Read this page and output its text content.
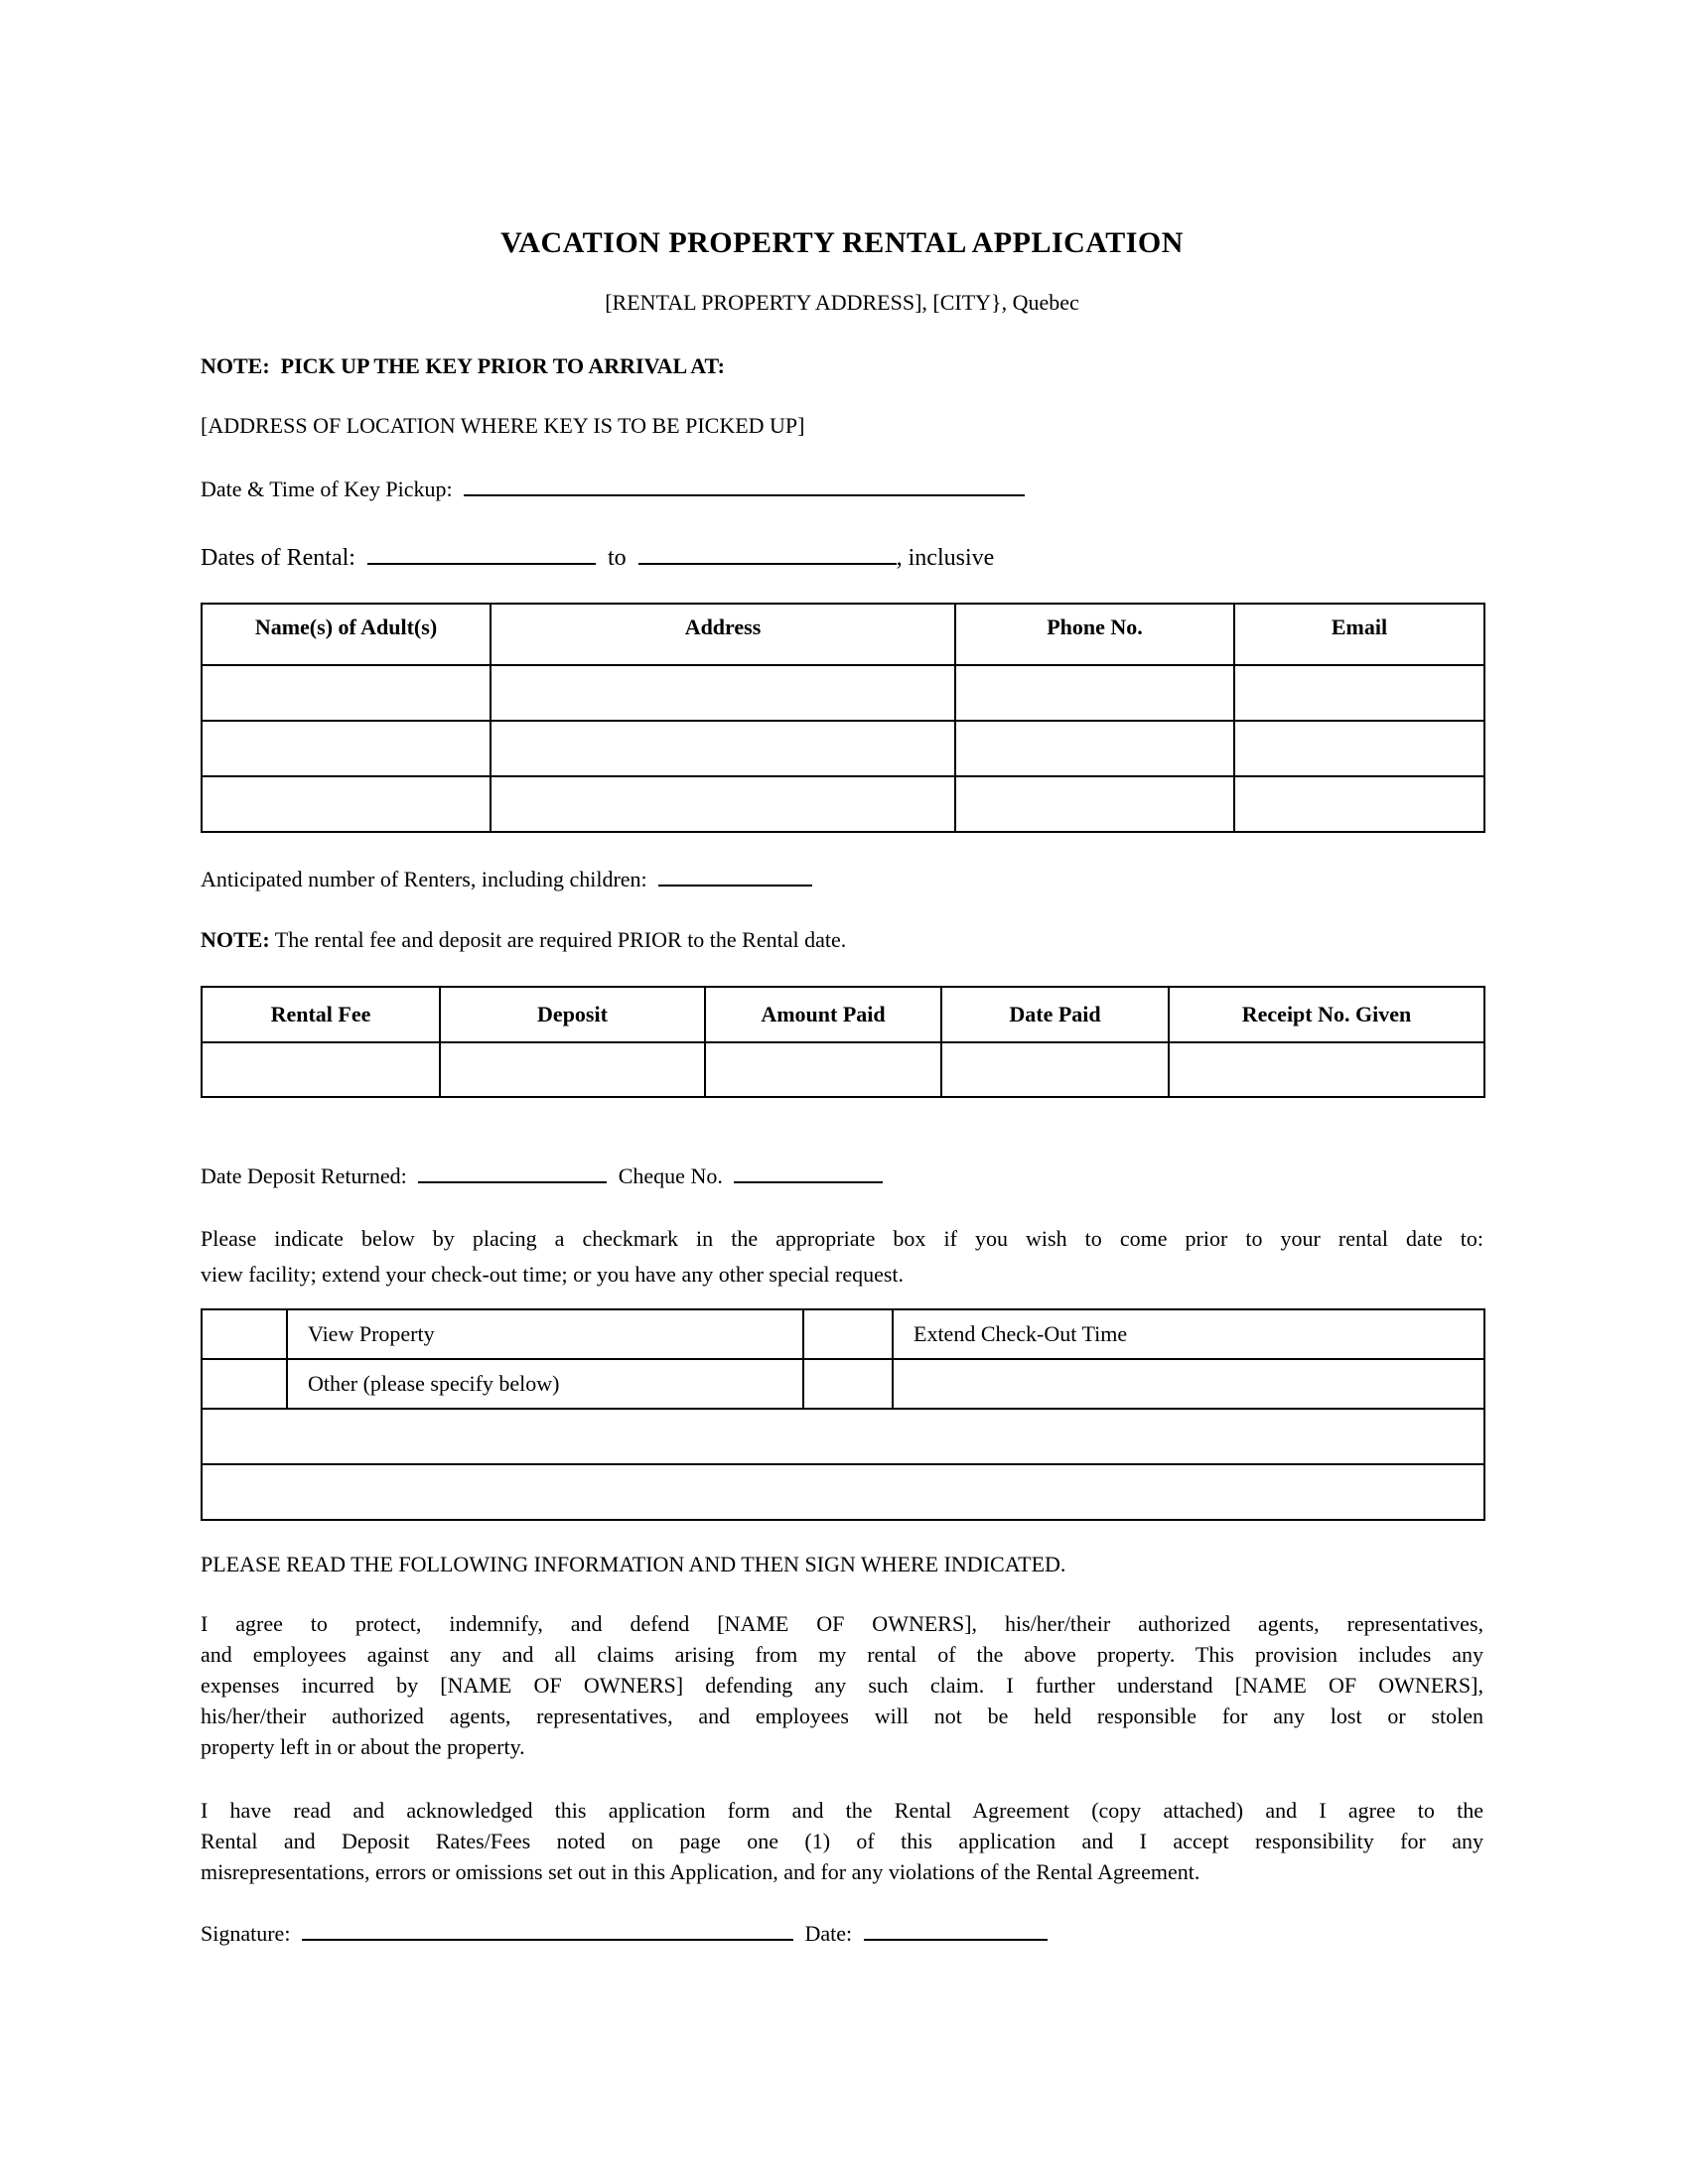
VACATION PROPERTY RENTAL APPLICATION
[RENTAL PROPERTY ADDRESS], [CITY}, Quebec
NOTE:  PICK UP THE KEY PRIOR TO ARRIVAL AT:
[ADDRESS OF LOCATION WHERE KEY IS TO BE PICKED UP]
Date & Time of Key Pickup:
Dates of Rental:	to	, inclusive
Name(s) of Adult(s)	Address	Phone No.	Email

Anticipated number of Renters, including children:
NOTE: The rental fee and deposit are required PRIOR to the Rental date.
Rental Fee	Deposit	Amount Paid	Date Paid	Receipt No. Given

Date Deposit Returned:	Cheque No.
Please indicate below by placing a checkmark in the appropriate box if you wish to come prior to your rental date to:
view facility; extend your check-out time; or you have any other special request.
	View Property		Extend Check-Out Time
	Other (please specify below)		

PLEASE READ THE FOLLOWING INFORMATION AND THEN SIGN WHERE INDICATED.
I agree to protect, indemnify, and defend [NAME OF OWNERS], his/her/their authorized agents, representatives,
and employees against any and all claims arising from my rental of the above property. This provision includes any
expenses incurred by [NAME OF OWNERS] defending any such claim. I further understand [NAME OF OWNERS],
his/her/their authorized agents, representatives, and employees will not be held responsible for any lost or stolen
property left in or about the property.
I have read and acknowledged this application form and the Rental Agreement (copy attached) and I agree to the
Rental and Deposit Rates/Fees noted on page one (1) of this application and I accept responsibility for any
misrepresentations, errors or omissions set out in this Application, and for any violations of the Rental Agreement.
Signature:	Date:
